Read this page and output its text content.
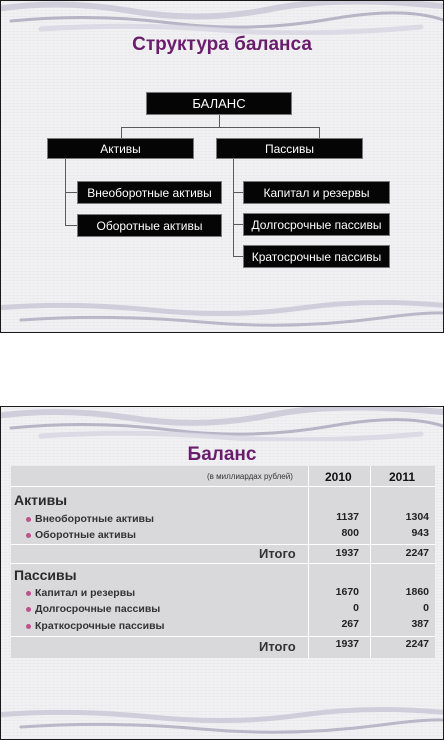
Структура баланса
БАЛАНС
Активы	Пассивы
Внеоборотные активы
Оборотные активы
Капитал и резервы
Долгосрочные пассивы
Кратосрочные пассивы
Баланс
(в миллиардах рублей)	2010	2011
Активы
Внеоборотные активы	1137	1304
Оборотные активы	800	943
Итого	1937	2247
Пассивы
Капитал и резервы	1670	1860
Долгосрочные пассивы	0	0
Краткосрочные пассивы	267	387
Итого	1937	2247
